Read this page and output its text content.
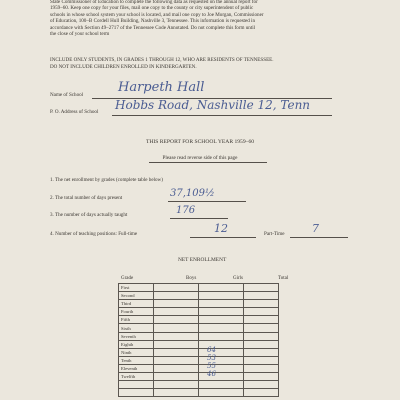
State Commissioner of Education to complete the following data as requested on the annual report for
1959–60. Keep one copy for your files, mail one copy to the county or city superintendent of public
schools in whose school system your school is located, and mail one copy to Joe Morgan, Commissioner
of Education, 100–B Cordell Hull Building, Nashville 3, Tennessee. This information is requested in
accordance with Section 49–2717 of the Tennessee Code Annotated. Do not complete this form until
the close of your school term
INCLUDE ONLY STUDENTS, IN GRADES 1 THROUGH 12, WHO ARE RESIDENTS OF TENNESSEE.
DO NOT INCLUDE CHILDREN ENROLLED IN KINDERGARTEN.
Name of School	Harpeth Hall
P. O. Address of School Hobbs Road, Nashville 12, Tenn
THIS REPORT FOR SCHOOL YEAR 1959–60
Please read reverse side of this page
1. The net enrollment by grades (complete table below)
2. The total number of days present	37,109½
3. The number of days actually taught	176
4. Number of teaching positions: Full-time	12	Part-Time	7
NET ENROLLMENT
Grade	Boys	Girls	Total
First		

Second		

Third		

Fourth		

Fifth		

Sixth		

Seventh		

Eighth		

Ninth		64	

Tenth		53	

Eleventh		55	

Twelfth		46	
